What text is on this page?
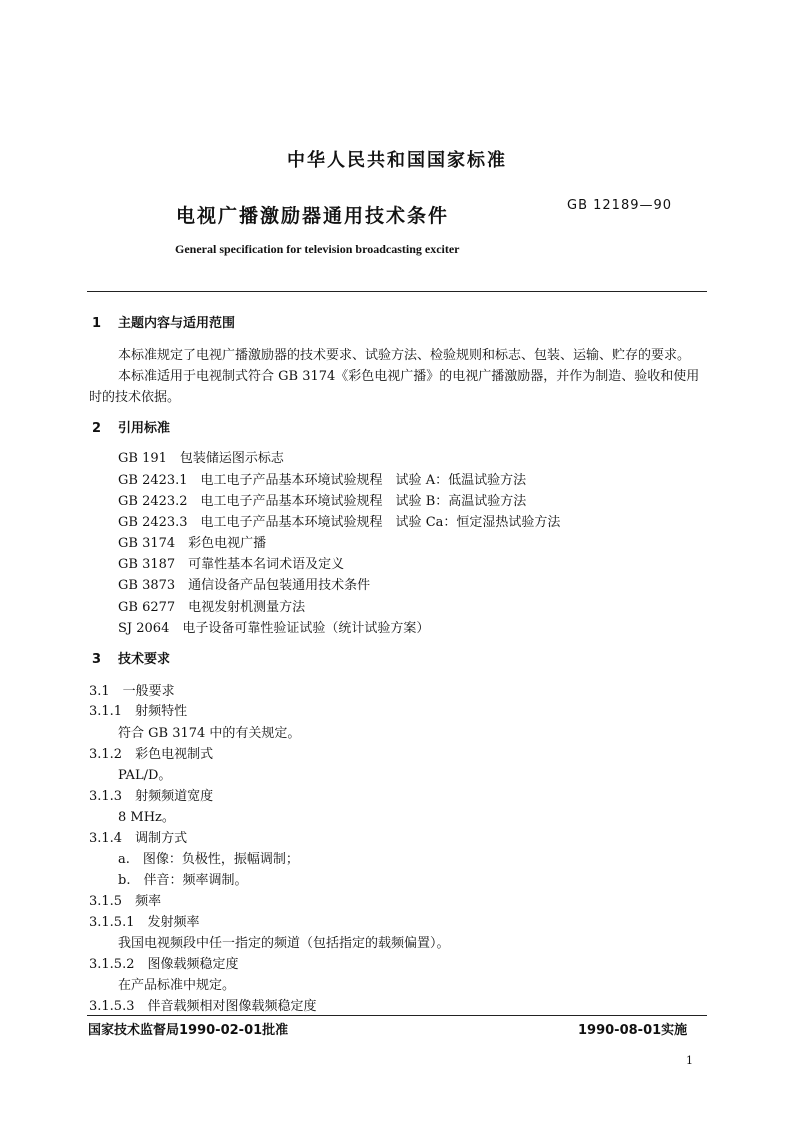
中华人民共和国国家标准
电视广播激励器通用技术条件	GB 12189—90
General specification for television broadcasting exciter
1 主题内容与适用范围
本标准规定了电视广播激励器的技术要求、试验方法、检验规则和标志、包装、运输、贮存的要求。
本标准适用于电视制式符合 GB 3174《彩色电视广播》的电视广播激励器，并作为制造、验收和使用
时的技术依据。
2 引用标准
GB 191　包装储运图示标志
GB 2423.1　电工电子产品基本环境试验规程　试验 A：低温试验方法
GB 2423.2　电工电子产品基本环境试验规程　试验 B：高温试验方法
GB 2423.3　电工电子产品基本环境试验规程　试验 Ca：恒定湿热试验方法
GB 3174　彩色电视广播
GB 3187　可靠性基本名词术语及定义
GB 3873　通信设备产品包装通用技术条件
GB 6277　电视发射机测量方法
SJ 2064　电子设备可靠性验证试验（统计试验方案）
3 技术要求
3.1　一般要求
3.1.1　射频特性
符合 GB 3174 中的有关规定。
3.1.2　彩色电视制式
PAL/D。
3.1.3　射频频道宽度
8 MHz。
3.1.4　调制方式
a.　图像：负极性，振幅调制；
b.　伴音：频率调制。
3.1.5　频率
3.1.5.1　发射频率
我国电视频段中任一指定的频道（包括指定的载频偏置）。
3.1.5.2　图像载频稳定度
在产品标准中规定。
3.1.5.3　伴音载频相对图像载频稳定度
国家技术监督局1990-02-01批准	1990-08-01实施
1
